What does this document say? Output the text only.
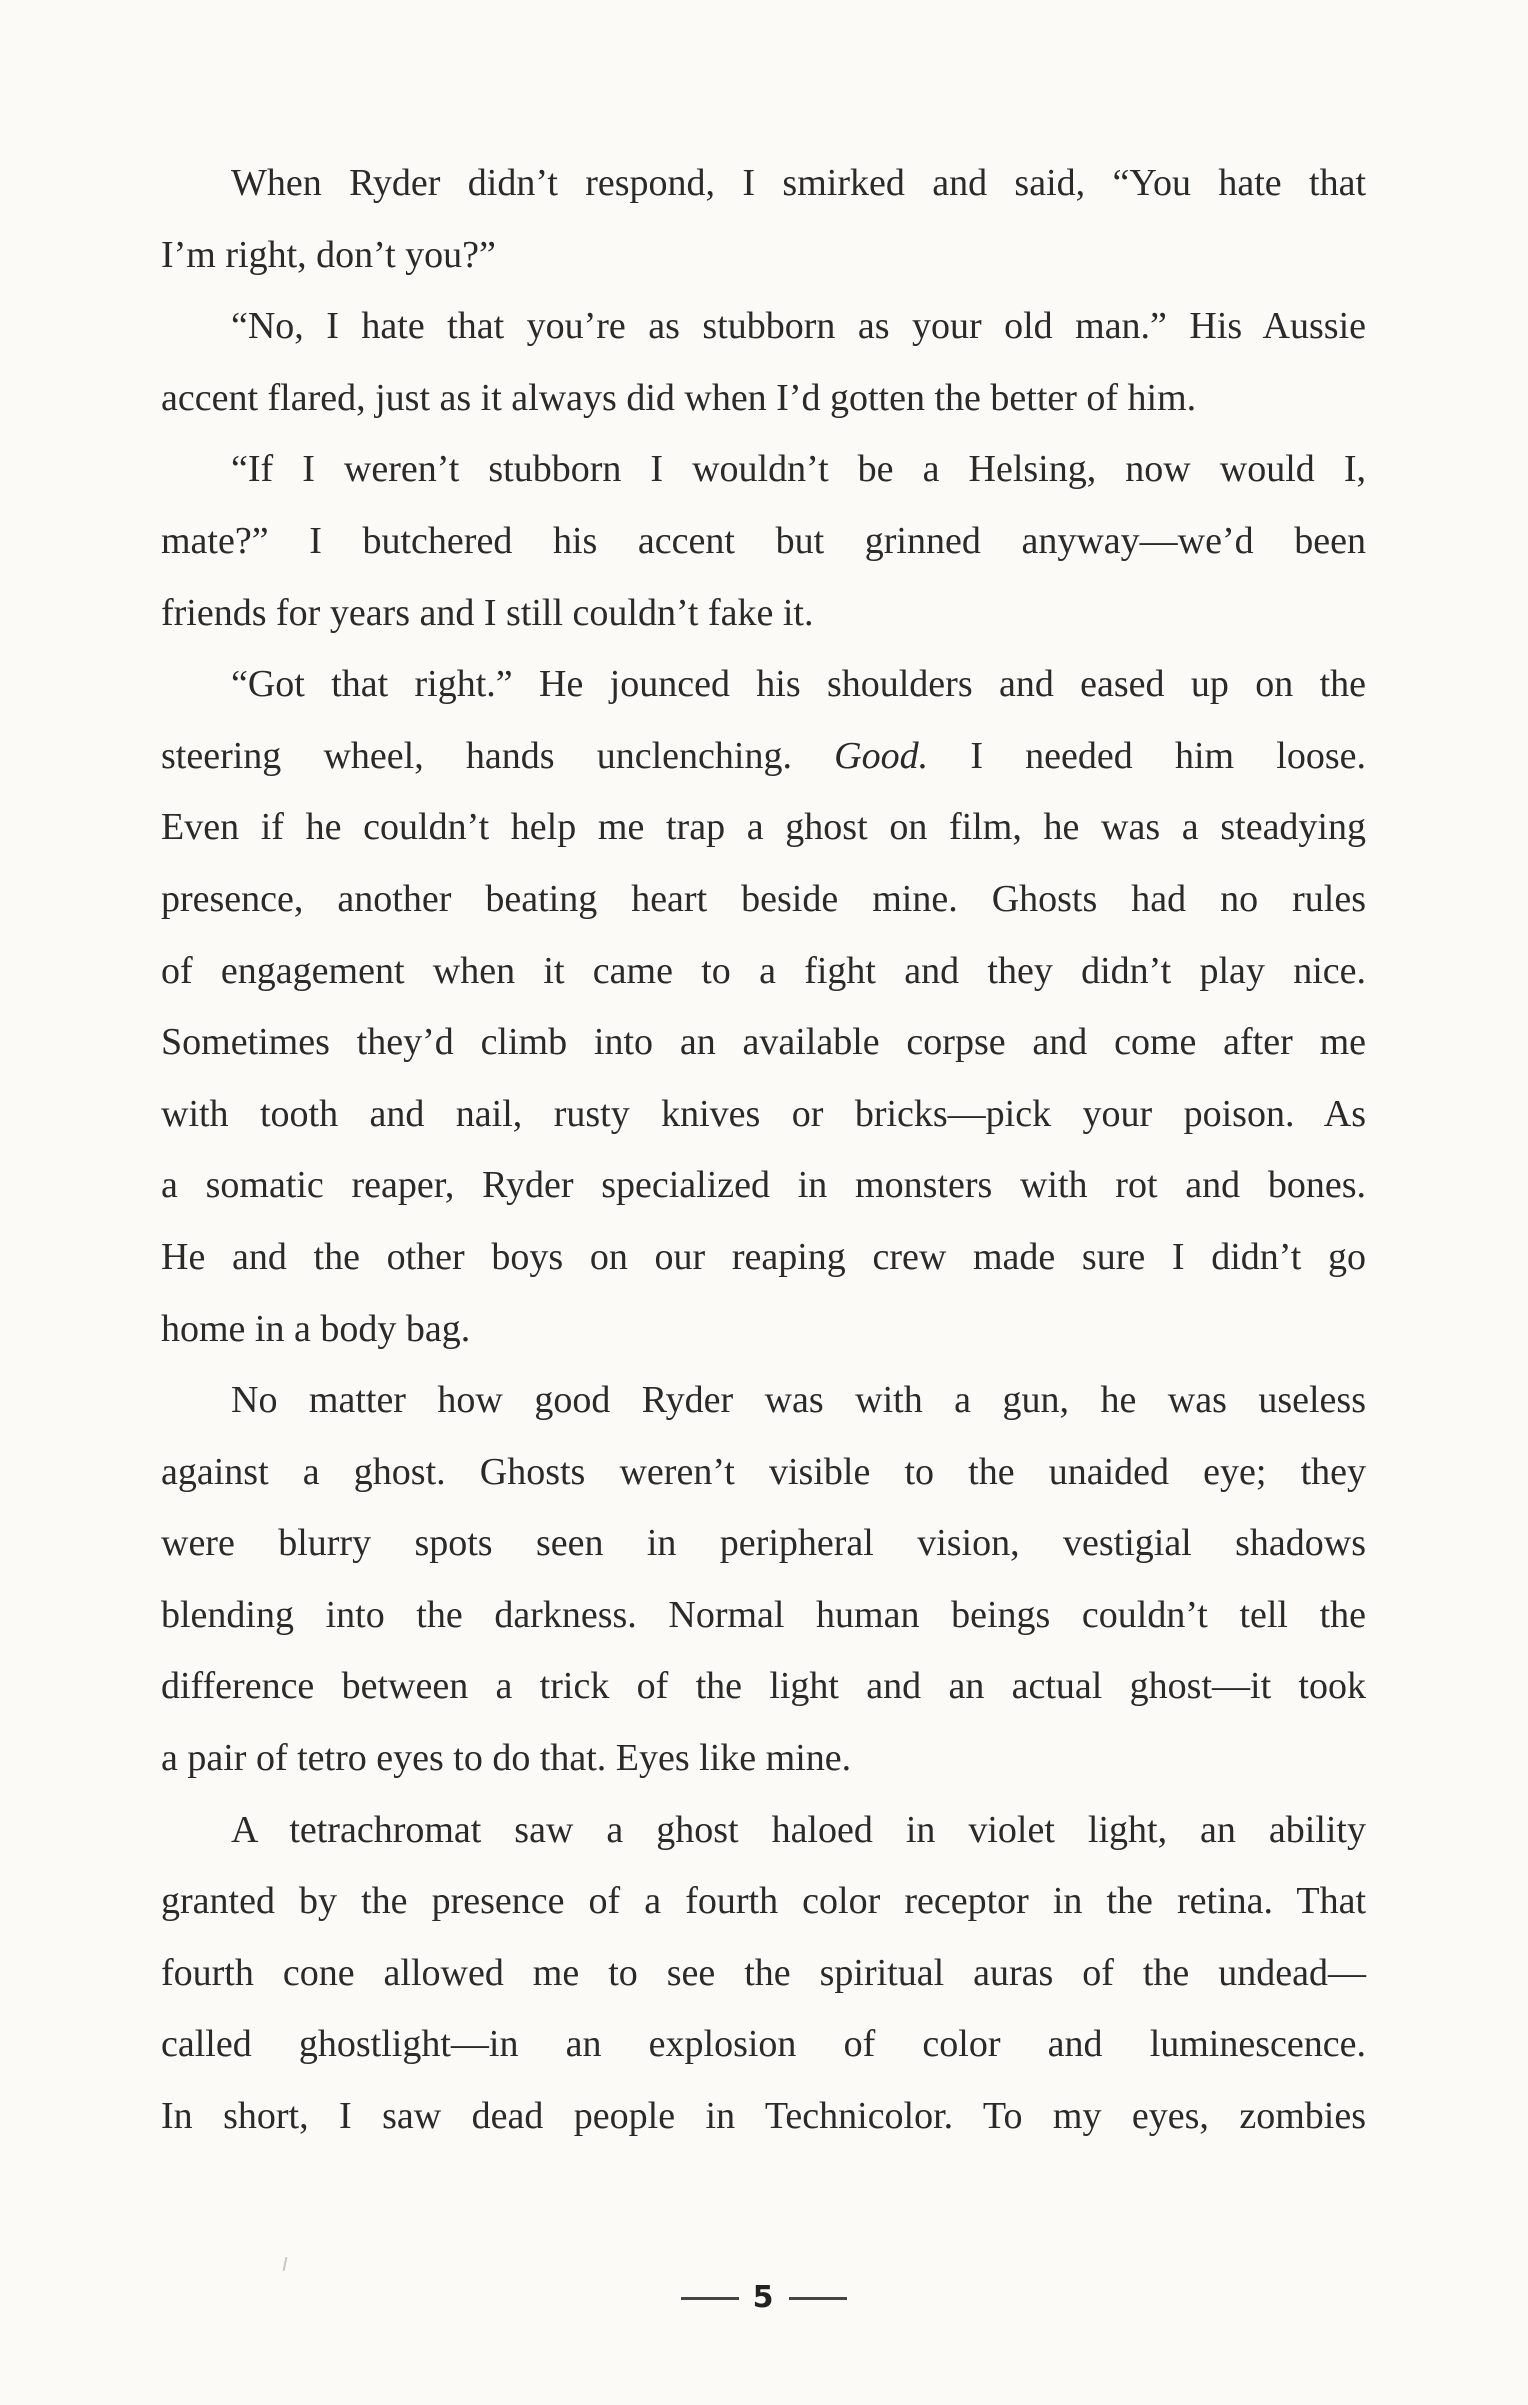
When Ryder didn’t respond, I smirked and said, “You hate that
I’m right, don’t you?”
“No, I hate that you’re as stubborn as your old man.” His Aussie
accent flared, just as it always did when I’d gotten the better of him.
“If I weren’t stubborn I wouldn’t be a Helsing, now would I,
mate?” I butchered his accent but grinned anyway—we’d been
friends for years and I still couldn’t fake it.
“Got that right.” He jounced his shoulders and eased up on the
steering wheel, hands unclenching. Good. I needed him loose.
Even if he couldn’t help me trap a ghost on film, he was a steadying
presence, another beating heart beside mine. Ghosts had no rules
of engagement when it came to a fight and they didn’t play nice.
Sometimes they’d climb into an available corpse and come after me
with tooth and nail, rusty knives or bricks—pick your poison. As
a somatic reaper, Ryder specialized in monsters with rot and bones.
He and the other boys on our reaping crew made sure I didn’t go
home in a body bag.
No matter how good Ryder was with a gun, he was useless
against a ghost. Ghosts weren’t visible to the unaided eye; they
were blurry spots seen in peripheral vision, vestigial shadows
blending into the darkness. Normal human beings couldn’t tell the
difference between a trick of the light and an actual ghost—it took
a pair of tetro eyes to do that. Eyes like mine.
A tetrachromat saw a ghost haloed in violet light, an ability
granted by the presence of a fourth color receptor in the retina. That
fourth cone allowed me to see the spiritual auras of the undead—
called ghostlight—in an explosion of color and luminescence.
In short, I saw dead people in Technicolor. To my eyes, zombies
5
